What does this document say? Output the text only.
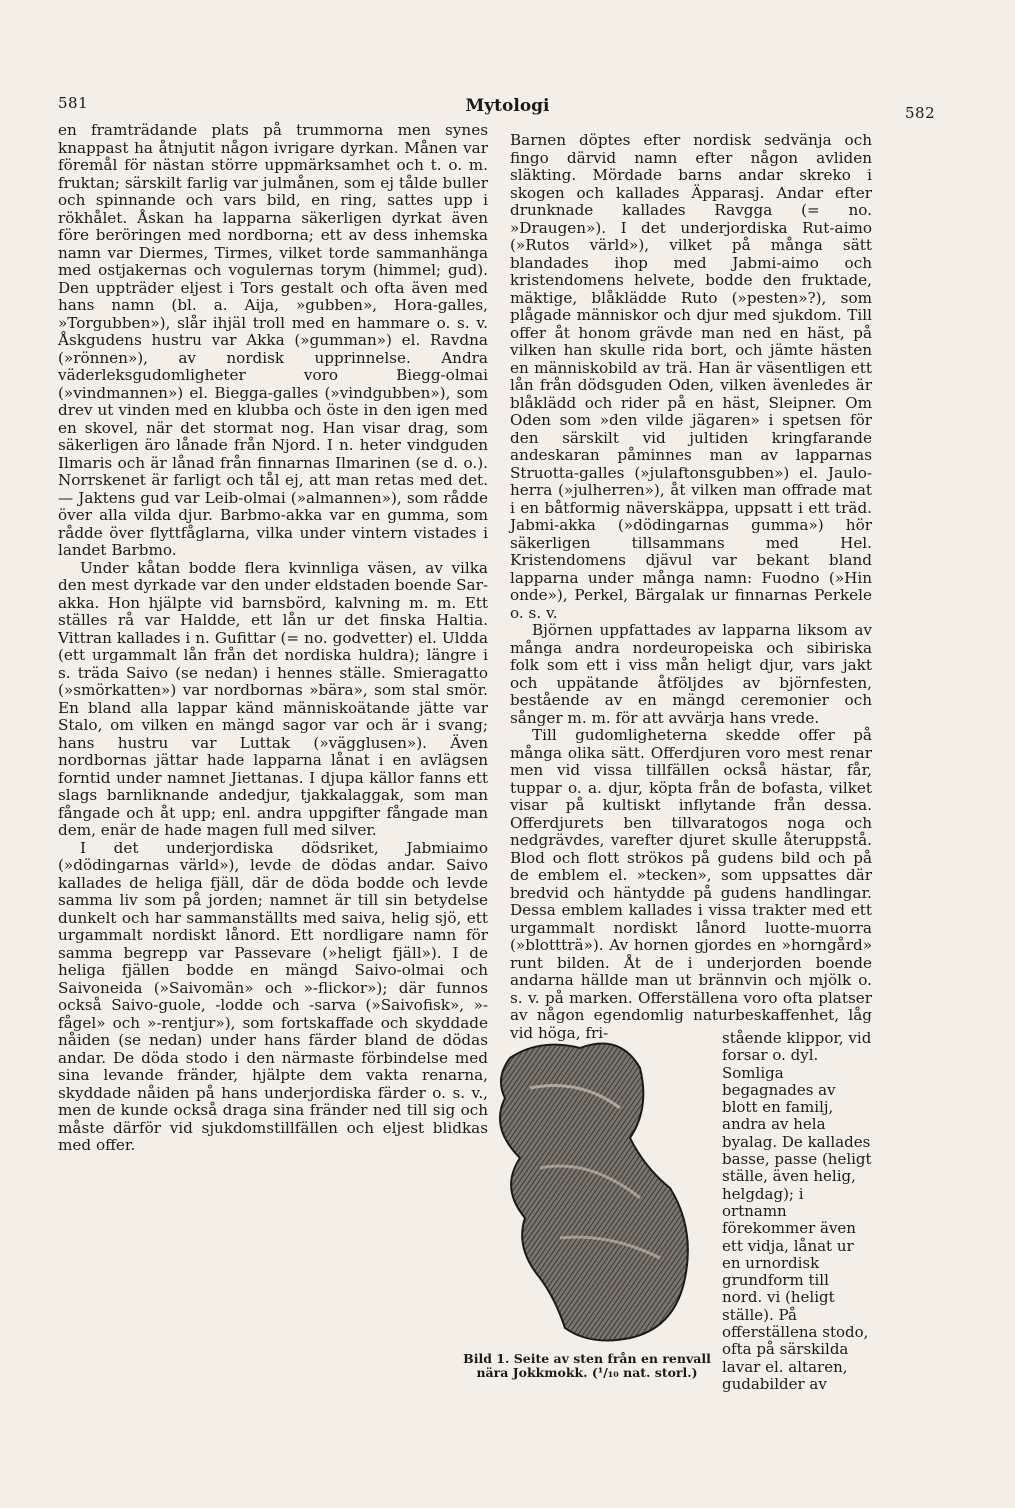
581	Mytologi	582

en framträdande plats på trummorna men synes knappast ha åtnjutit någon ivrigare dyrkan. Månen var föremål för nästan större uppmärksamhet och t. o. m. fruktan; särskilt farlig var julmånen, som ej tålde buller och spinnande och vars bild, en ring, sattes upp i rökhålet. Åskan ha lapparna säkerligen dyrkat även före beröringen med nordborna; ett av dess inhemska namn var Diermes, Tirmes, vilket torde sammanhänga med ostjakernas och vogulernas torym (himmel; gud). Den uppträder eljest i Tors gestalt och ofta även med hans namn (bl. a. Aija, »gubben», Hora-galles, »Torgubben»), slår ihjäl troll med en hammare o. s. v. Åskgudens hustru var Akka (»gumman») el. Ravdna (»rönnen»), av nordisk upprinnelse. Andra väderleksgudomligheter voro Biegg-olmai (»vindmannen») el. Biegga-galles (»vindgubben»), som drev ut vinden med en klubba och öste in den igen med en skovel, när det stormat nog. Han visar drag, som säkerligen äro lånade från Njord. I n. heter vindguden Ilmaris och är lånad från finnarnas Ilmarinen (se d. o.). Norrskenet är farligt och tål ej, att man retas med det. — Jaktens gud var Leib-olmai (»almannen»), som rådde över alla vilda djur. Barbmo-akka var en gumma, som rådde över flyttfåglarna, vilka under vintern vistades i landet Barbmo.

Under kåtan bodde flera kvinnliga väsen, av vilka den mest dyrkade var den under eldstaden boende Sar-akka. Hon hjälpte vid barnsbörd, kalvning m. m. Ett ställes rå var Haldde, ett lån ur det finska Haltia. Vittran kallades i n. Gufittar (= no. godvetter) el. Uldda (ett urgammalt lån från det nordiska huldra); längre i s. träda Saivo (se nedan) i hennes ställe. Smieragatto (»smörkatten») var nordbornas »bära», som stal smör. En bland alla lappar känd människoätande jätte var Stalo, om vilken en mängd sagor var och är i svang; hans hustru var Luttak (»vägglusen»). Även nordbornas jättar hade lapparna lånat i en avlägsen forntid under namnet Jiettanas. I djupa källor fanns ett slags barnliknande andedjur, tjakkalaggak, som man fångade och åt upp; enl. andra uppgifter fångade man dem, enär de hade magen full med silver.

I det underjordiska dödsriket, Jabmiaimo (»dödingarnas värld»), levde de dödas andar. Saivo kallades de heliga fjäll, där de döda bodde och levde samma liv som på jorden; namnet är till sin betydelse dunkelt och har sammanställts med saiva, helig sjö, ett urgammalt nordiskt lånord. Ett nordligare namn för samma begrepp var Passevare (»heligt fjäll»). I de heliga fjällen bodde en mängd Saivo-olmai och Saivoneida (»Saivomän» och »-flickor»); där funnos också Saivo-guole, -lodde och -sarva (»Saivofisk», »-fågel» och »-rentjur»), som fortskaffade och skyddade nåiden (se nedan) under hans färder bland de dödas andar. De döda stodo i den närmaste förbindelse med sina levande fränder, hjälpte dem vakta renarna, skyddade nåiden på hans underjordiska färder o. s. v., men de kunde också draga sina fränder ned till sig och måste därför vid sjukdomstillfällen och eljest blidkas med offer.

Barnen döptes efter nordisk sedvänja och fingo därvid namn efter någon avliden släkting. Mördade barns andar skreko i skogen och kallades Äpparasj. Andar efter drunknade kallades Ravgga (= no. »Draugen»). I det underjordiska Rut-aimo (»Rutos värld»), vilket på många sätt blandades ihop med Jabmi-aimo och kristendomens helvete, bodde den fruktade, mäktige, blåklädde Ruto (»pesten»?), som plågade människor och djur med sjukdom. Till offer åt honom grävde man ned en häst, på vilken han skulle rida bort, och jämte hästen en människobild av trä. Han är väsentligen ett lån från dödsguden Oden, vilken ävenledes är blåklädd och rider på en häst, Sleipner. Om Oden som »den vilde jägaren» i spetsen för den särskilt vid jultiden kringfarande andeskaran påminnes man av lapparnas Struotta-galles (»julaftonsgubben») el. Jaulo-herra (»julherren»), åt vilken man offrade mat i en båtformig näverskäppa, uppsatt i ett träd. Jabmi-akka (»dödingarnas gumma») hör säkerligen tillsammans med Hel. Kristendomens djävul var bekant bland lapparna under många namn: Fuodno (»Hin onde»), Perkel, Bärgalak ur finnarnas Perkele o. s. v.

Björnen uppfattades av lapparna liksom av många andra nordeuropeiska och sibiriska folk som ett i viss mån heligt djur, vars jakt och uppätande åtföljdes av björnfesten, bestående av en mängd ceremonier och sånger m. m. för att avvärja hans vrede.

Till gudomligheterna skedde offer på många olika sätt. Offerdjuren voro mest renar men vid vissa tillfällen också hästar, får, tuppar o. a. djur, köpta från de bofasta, vilket visar på kultiskt inflytande från dessa. Offerdjurets ben tillvaratogos noga och nedgrävdes, varefter djuret skulle återuppstå. Blod och flott strökos på gudens bild och på de emblem el. »tecken», som uppsattes där bredvid och häntydde på gudens handlingar. Dessa emblem kallades i vissa trakter med ett urgammalt nordiskt lånord luotte-muorra (»blottträ»). Av hornen gjordes en »horngård» runt bilden. Åt de i underjorden boende andarna hällde man ut brännvin och mjölk o. s. v. på marken. Offerställena voro ofta platser av någon egendomlig naturbeskaffenhet, låg vid höga, fri-

Bild 1. Seite av sten från en renvall nära Jokkmokk. (¹/₁₀ nat. storl.)

stående klippor, vid forsar o. dyl. Somliga begagnades av blott en familj, andra av hela byalag. De kallades basse, passe (heligt ställe, även helig, helgdag); i ortnamn förekommer även ett vidja, lånat ur en urnordisk grundform till nord. vi (heligt ställe). På offerställena stodo, ofta på särskilda lavar el. altaren, gudabilder av
